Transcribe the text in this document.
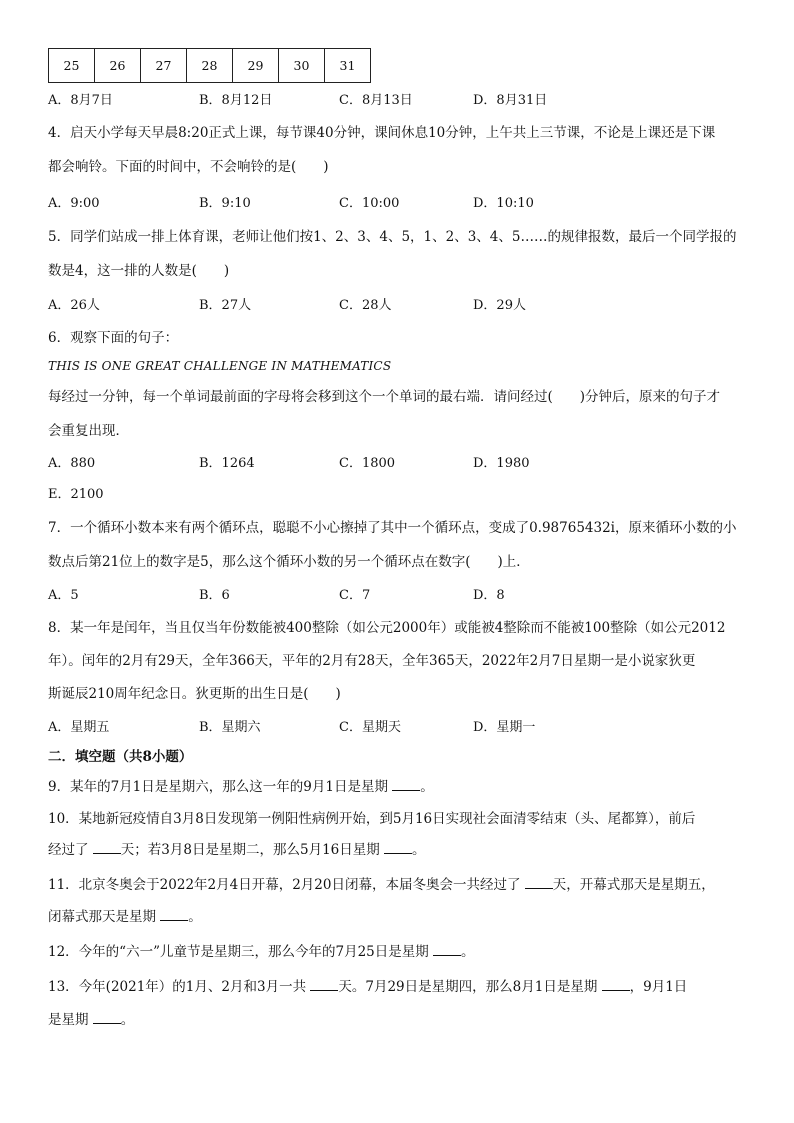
25	26	27	28	29	30	31
A．8月7日	B．8月12日	C．8月13日	D．8月31日
4．启天小学每天早晨8:20正式上课，每节课40分钟，课间休息10分钟，上午共上三节课，不论是上课还是下课
都会响铃。下面的时间中，不会响铃的是(　　)
A．9:00	B．9:10	C．10:00	D．10:10
5．同学们站成一排上体育课，老师让他们按1、2、3、4、5，1、2、3、4、5……的规律报数，最后一个同学报的
数是4，这一排的人数是(　　)
A．26人	B．27人	C．28人	D．29人
6．观察下面的句子：
THIS IS ONE GREAT CHALLENGE IN MATHEMATICS
每经过一分钟，每一个单词最前面的字母将会移到这个一个单词的最右端．请问经过(　　)分钟后，原来的句子才
会重复出现．
A．880	B．1264	C．1800	D．1980
E．2100
7．一个循环小数本来有两个循环点，聪聪不小心擦掉了其中一个循环点，变成了0.98765432i̇，原来循环小数的小
数点后第21位上的数字是5，那么这个循环小数的另一个循环点在数字(　　)上．
A．5	B．6	C．7	D．8
8．某一年是闰年，当且仅当年份数能被400整除（如公元2000年）或能被4整除而不能被100整除（如公元2012
年）。闰年的2月有29天，全年366天，平年的2月有28天，全年365天，2022年2月7日星期一是小说家狄更
斯诞辰210周年纪念日。狄更斯的出生日是(　　)
A．星期五	B．星期六	C．星期天	D．星期一
二．填空题（共8小题）
9．某年的7月1日是星期六，那么这一年的9月1日是星期 。
10．某地新冠疫情自3月8日发现第一例阳性病例开始，到5月16日实现社会面清零结束（头、尾都算），前后
经过了 天；若3月8日是星期二，那么5月16日星期 。
11．北京冬奥会于2022年2月4日开幕，2月20日闭幕，本届冬奥会一共经过了 天，开幕式那天是星期五，
闭幕式那天是星期 。
12．今年的“六一”儿童节是星期三，那么今年的7月25日是星期 。
13．今年(2021年）的1月、2月和3月一共 天。7月29日是星期四，那么8月1日是星期 ，9月1日
是星期 。
